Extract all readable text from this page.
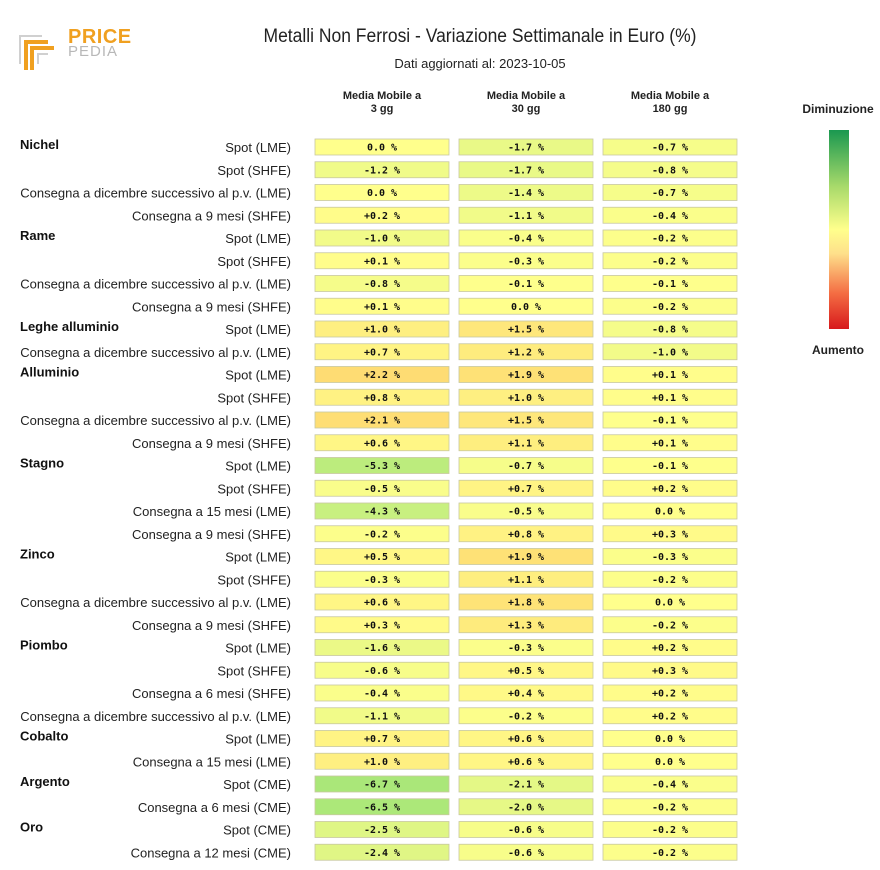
PRICE
PEDIA
Metalli Non Ferrosi - Variazione Settimanale in Euro (%)
Dati aggiornati al: 2023-10-05
Media Mobile a
3 gg
Media Mobile a
30 gg
Media Mobile a
180 gg
Nichel	Spot (LME)	0.0 %	-1.7 %	-0.7 %
Spot (SHFE)	-1.2 %	-1.7 %	-0.8 %
Consegna a dicembre successivo al p.v. (LME)	0.0 %	-1.4 %	-0.7 %
Consegna a 9 mesi (SHFE)	+0.2 %	-1.1 %	-0.4 %
Rame	Spot (LME)	-1.0 %	-0.4 %	-0.2 %
Spot (SHFE)	+0.1 %	-0.3 %	-0.2 %
Consegna a dicembre successivo al p.v. (LME)	-0.8 %	-0.1 %	-0.1 %
Consegna a 9 mesi (SHFE)	+0.1 %	0.0 %	-0.2 %
Leghe alluminio	Spot (LME)	+1.0 %	+1.5 %	-0.8 %
Consegna a dicembre successivo al p.v. (LME)	+0.7 %	+1.2 %	-1.0 %
Alluminio	Spot (LME)	+2.2 %	+1.9 %	+0.1 %
Spot (SHFE)	+0.8 %	+1.0 %	+0.1 %
Consegna a dicembre successivo al p.v. (LME)	+2.1 %	+1.5 %	-0.1 %
Consegna a 9 mesi (SHFE)	+0.6 %	+1.1 %	+0.1 %
Stagno	Spot (LME)	-5.3 %	-0.7 %	-0.1 %
Spot (SHFE)	-0.5 %	+0.7 %	+0.2 %
Consegna a 15 mesi (LME)	-4.3 %	-0.5 %	0.0 %
Consegna a 9 mesi (SHFE)	-0.2 %	+0.8 %	+0.3 %
Zinco	Spot (LME)	+0.5 %	+1.9 %	-0.3 %
Spot (SHFE)	-0.3 %	+1.1 %	-0.2 %
Consegna a dicembre successivo al p.v. (LME)	+0.6 %	+1.8 %	0.0 %
Consegna a 9 mesi (SHFE)	+0.3 %	+1.3 %	-0.2 %
Piombo	Spot (LME)	-1.6 %	-0.3 %	+0.2 %
Spot (SHFE)	-0.6 %	+0.5 %	+0.3 %
Consegna a 6 mesi (SHFE)	-0.4 %	+0.4 %	+0.2 %
Consegna a dicembre successivo al p.v. (LME)	-1.1 %	-0.2 %	+0.2 %
Cobalto	Spot (LME)	+0.7 %	+0.6 %	0.0 %
Consegna a 15 mesi (LME)	+1.0 %	+0.6 %	0.0 %
Argento	Spot (CME)	-6.7 %	-2.1 %	-0.4 %
Consegna a 6 mesi (CME)	-6.5 %	-2.0 %	-0.2 %
Oro	Spot (CME)	-2.5 %	-0.6 %	-0.2 %
Consegna a 12 mesi (CME)	-2.4 %	-0.6 %	-0.2 %
Diminuzione
Aumento
